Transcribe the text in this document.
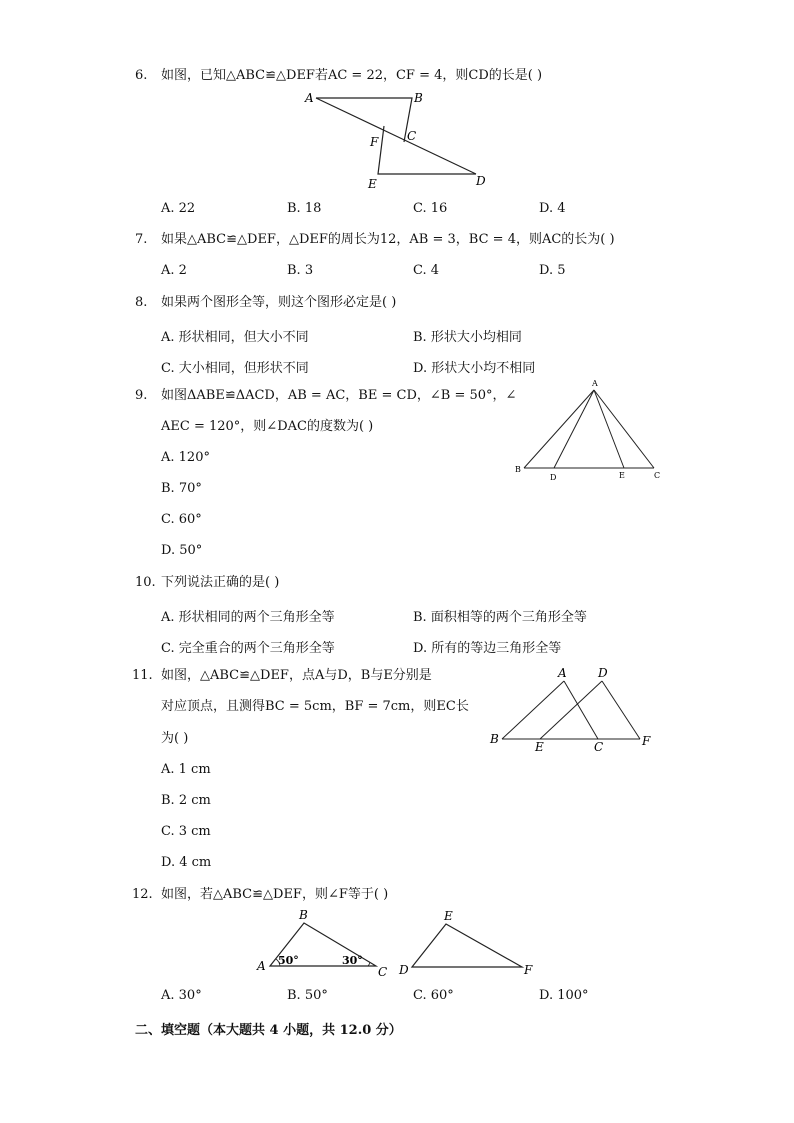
6. 如图，已知△ABC≌△DEF若AC = 22，CF = 4，则CD的长是( )
A	B
C
F
E	D
A. 22	B. 18	C. 16	D. 4
7. 如果△ABC≌△DEF，△DEF的周长为12，AB = 3，BC = 4，则AC的长为( )
A. 2	B. 3	C. 4	D. 5
8. 如果两个图形全等，则这个图形必定是( )
A. 形状相同，但大小不同	B. 形状大小均相同
C. 大小相同，但形状不同	D. 形状大小均不相同
9. 如图ΔABE≌ΔACD，AB = AC，BE = CD，∠B = 50°，∠
AEC = 120°，则∠DAC的度数为( )
A
B
D	E	C
A. 120°
B. 70°
C. 60°
D. 50°
10. 下列说法正确的是( )
A. 形状相同的两个三角形全等	B. 面积相等的两个三角形全等
C. 完全重合的两个三角形全等	D. 所有的等边三角形全等
11. 如图，△ABC≌△DEF，点A与D，B与E分别是
对应顶点，且测得BC = 5cm，BF = 7cm，则EC长
为( )
A	D
B
E	C	F
A. 1 cm
B. 2 cm
C. 3 cm
D. 4 cm
12. 如图，若△ABC≌△DEF，则∠F等于( )
B
A	C
50°	30°
E
D	F
A. 30°	B. 50°	C. 60°	D. 100°
二、填空题（本大题共 4 小题，共 12.0 分）
